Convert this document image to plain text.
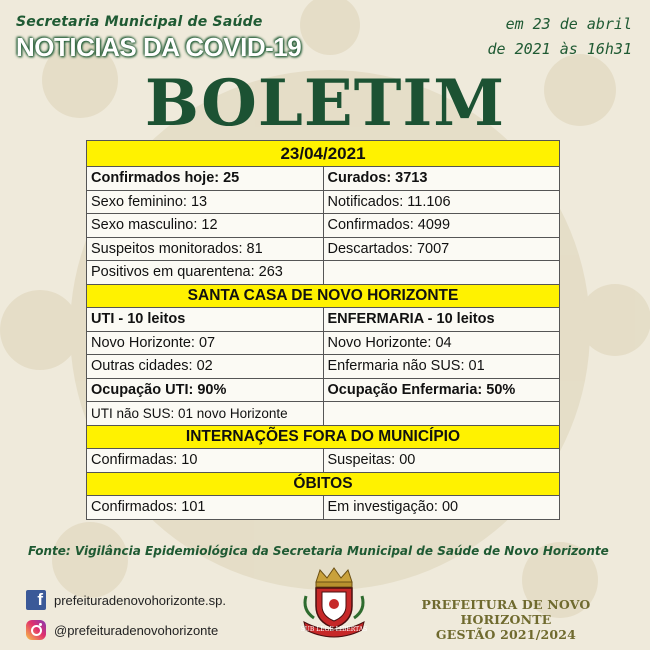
Secretaria Municipal de Saúde
NOTICIAS DA COVID-19
em 23 de abril
de 2021 às 16h31
BOLETIM
23/04/2021	
Confirmados hoje: 25	Curados: 3713
Sexo feminino: 13	Notificados: 11.106
Sexo masculino: 12	Confirmados: 4099
Suspeitos monitorados: 81	Descartados: 7007
Positivos em quarentena: 263	
SANTA CASA DE NOVO HORIZONTE	
UTI - 10 leitos	ENFERMARIA - 10 leitos
Novo Horizonte: 07	Novo Horizonte: 04
Outras cidades: 02	Enfermaria não SUS: 01
Ocupação UTI: 90%	Ocupação Enfermaria: 50%
UTI não SUS: 01 novo Horizonte	
INTERNAÇÕES FORA DO MUNICÍPIO	
Confirmadas: 10	Suspeitas: 00
ÓBITOS	
Confirmados: 101	Em investigação: 00
Fonte: Vigilância Epidemiológica da Secretaria Municipal de Saúde de Novo Horizonte
f prefeituradenovohorizonte.sp.
@prefeituradenovohorizonte	SUB LEGE LIBERTAS
PREFEITURA DE NOVO HORIZONTE
GESTÃO 2021/2024
